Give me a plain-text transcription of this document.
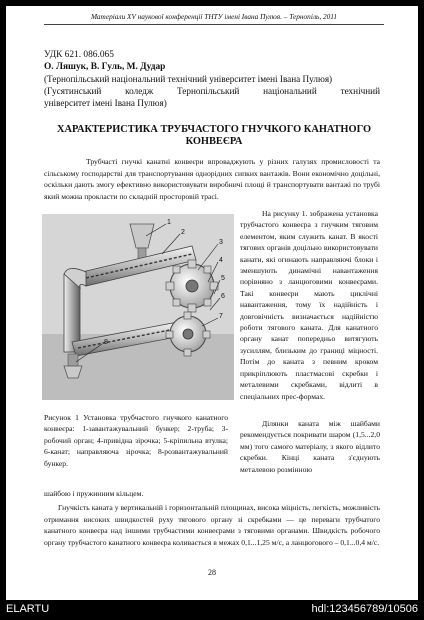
Матеріали XV наукової конференції ТНТУ імені Івана Пулюя. – Тернопіль, 2011
УДК 621. 086.065
О. Ляшук, В. Гуль, М. Дудар
(Тернопільський національний технічний університет імені Івана Пулюя)
(Гусятинський коледж Тернопільський національний технічний
університет імені Івана Пулюя)
ХАРАКТЕРИСТИКА ТРУБЧАСТОГО ГНУЧКОГО КАНАТНОГО
КОНВЕЄРА
Трубчасті гнучкі канатні конвеєри впроваджують у різних галузях промисловості та сільському господарстві для транспортування однорідних сипких вантажів. Вони економічно доцільні, оскільки дають змогу ефективно використовувати виробничі площі й транспортувати вантажі по трубі який можна прокласти по складній просторовій трасі.
1
2
3
4
5
6
7
8
На рисунку 1. зображена установка трубчастого конвеєра з гнучким тяговим елементом, яким служить канат. В якості тягових органів доцільно використовувати канати, які огинають направляючі блоки і зменшують динамічні навантаження порівняно з ланцюговими конвеєрами. Такі конвеєри мають циклічні навантаження, тому їх надійність і довговічність визначається надійністю роботи тягового каната. Для канатного органу канат попередньо витягують зусиллям, близьким до границі міцності. Потім до каната з певним кроком прикріплюють пластмасові скребки і металевими скребками, відлиті в спеціальних прес-формах.
Ділянки каната між шайбами рекомендується покривати шаром (1,5...2,0 мм) того самого матеріалу, з якого відлито скребки. Кінці каната з'єднують металевою розмінною
Рисунок 1 Установка трубчастого гнучкого канатного конвеєра: 1-завантажувальний бункер; 2-труба; 3- робочий орган; 4-привідна зірочка; 5-кріпильна втулка; 6-канат; направляюча зірочка; 8-розвантажувальний бункер.
шайбою і пружинним кільцем.
Гнучкість каната у вертикальній і горизонтальній площинах, висока міцність, легкість, можливість отримання високих швидкостей руху тягового органу зі скребками — це переваги трубчатого канатного конвеєра над іншими трубчастими конвеєрами з тяговими органами. Швидкість робочого органу трубчастого канатного конвеєра коливається в межах 0,1...1,25 м/с, а ланцюгового – 0,1...0,4 м/с.
28
ELARTU	hdl:123456789/10506
